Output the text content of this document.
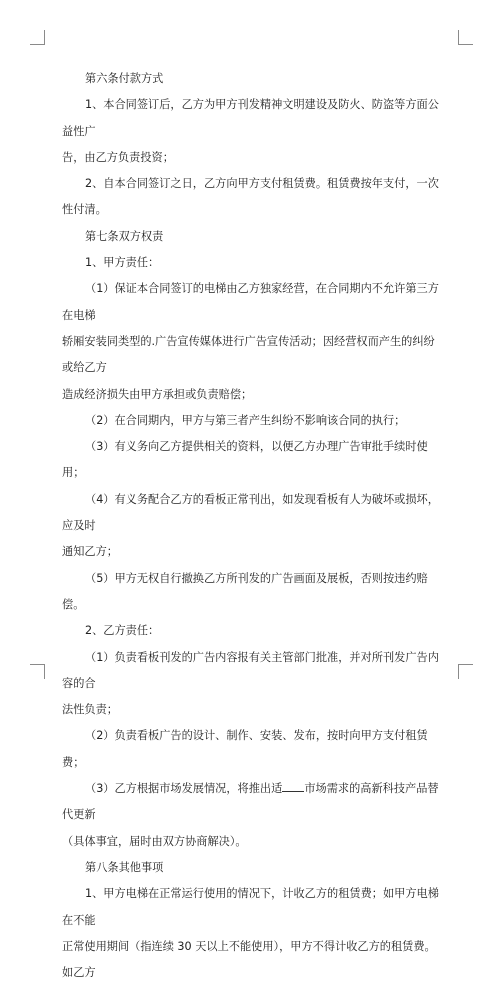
第六条付款方式

1、本合同签订后，乙方为甲方刊发精神文明建设及防火、防盗等方面公益性广

告，由乙方负责投资；

2、自本合同签订之日，乙方向甲方支付租赁费。租赁费按年支付，一次性付清。

第七条双方权责

1、甲方责任：

（1）保证本合同签订的电梯由乙方独家经营，在合同期内不允许第三方在电梯

轿厢安装同类型的.广告宣传媒体进行广告宣传活动；因经营权而产生的纠纷或给乙方

造成经济损失由甲方承担或负责赔偿；

（2）在合同期内，甲方与第三者产生纠纷不影响该合同的执行；

（3）有义务向乙方提供相关的资料，以便乙方办理广告审批手续时使用；

（4）有义务配合乙方的看板正常刊出，如发现看板有人为破坏或损坏，应及时

通知乙方；

（5）甲方无权自行撤换乙方所刊发的广告画面及展板，否则按违约赔偿。

2、乙方责任：

（1）负责看板刊发的广告内容报有关主管部门批准，并对所刊发广告内容的合

法性负责；

（2）负责看板广告的设计、制作、安装、发布，按时向甲方支付租赁费；

（3）乙方根据市场发展情况，将推出适 市场需求的高新科技产品替代更新

（具体事宜，届时由双方协商解决）。

第八条其他事项

1、甲方电梯在正常运行使用的情况下，计收乙方的租赁费；如甲方电梯在不能

正常使用期间（指连续 30 天以上不能使用），甲方不得计收乙方的租赁费。如乙方
